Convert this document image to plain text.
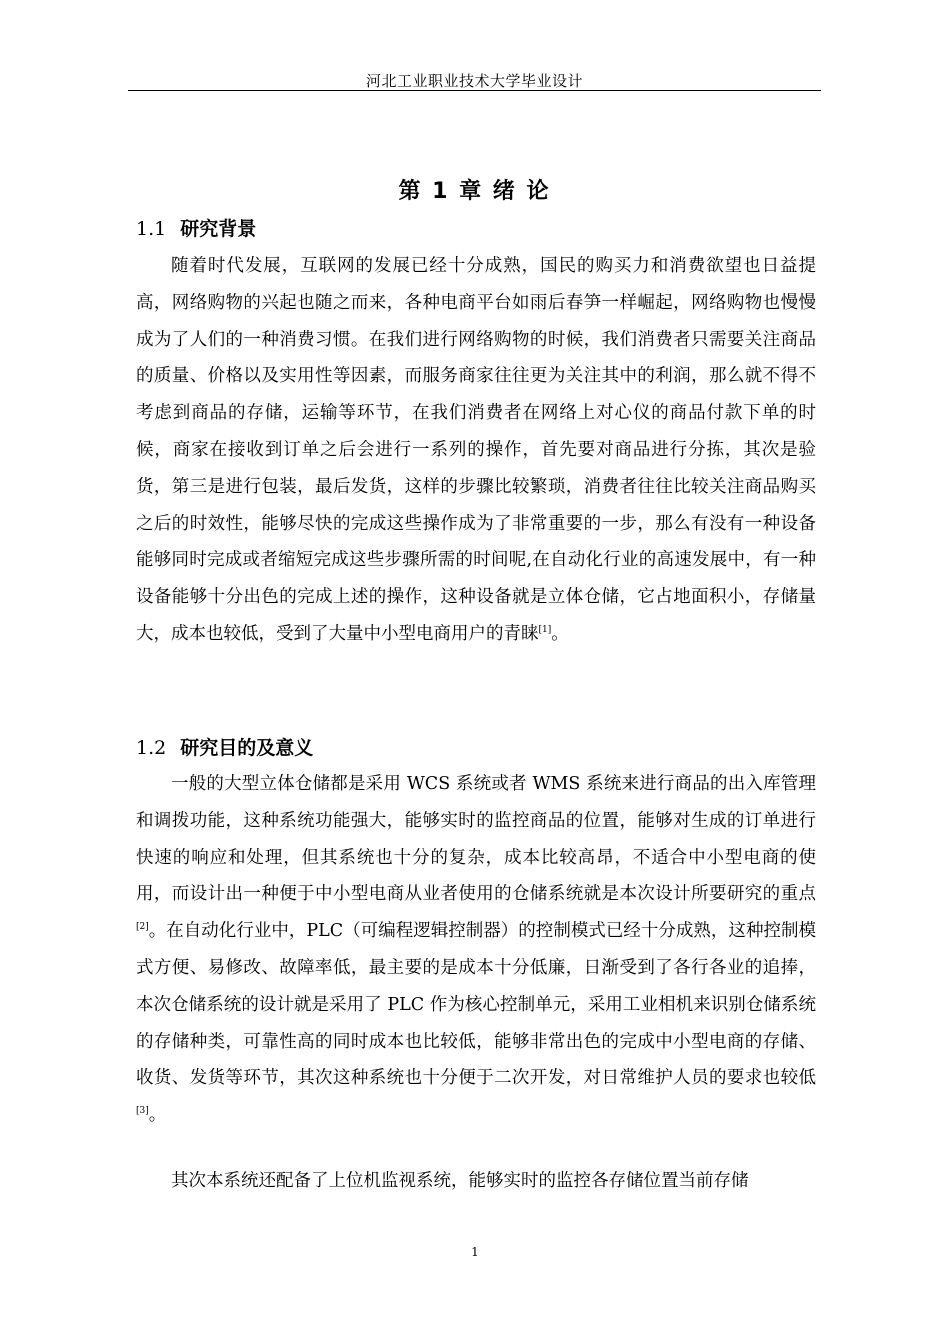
河北工业职业技术大学毕业设计
第 1 章 绪 论
1.1 研究背景

随着时代发展，互联网的发展已经十分成熟，国民的购买力和消费欲望也日益提高，网络购物的兴起也随之而来，各种电商平台如雨后春笋一样崛起，网络购物也慢慢成为了人们的一种消费习惯。在我们进行网络购物的时候，我们消费者只需要关注商品的质量、价格以及实用性等因素，而服务商家往往更为关注其中的利润，那么就不得不考虑到商品的存储，运输等环节，在我们消费者在网络上对心仪的商品付款下单的时候，商家在接收到订单之后会进行一系列的操作，首先要对商品进行分拣，其次是验货，第三是进行包装，最后发货，这样的步骤比较繁琐，消费者往往比较关注商品购买之后的时效性，能够尽快的完成这些操作成为了非常重要的一步，那么有没有一种设备能够同时完成或者缩短完成这些步骤所需的时间呢,在自动化行业的高速发展中，有一种设备能够十分出色的完成上述的操作，这种设备就是立体仓储，它占地面积小，存储量大，成本也较低，受到了大量中小型电商用户的青睐[1]。

1.2 研究目的及意义

一般的大型立体仓储都是采用 WCS 系统或者 WMS 系统来进行商品的出入库管理和调拨功能，这种系统功能强大，能够实时的监控商品的位置，能够对生成的订单进行快速的响应和处理，但其系统也十分的复杂，成本比较高昂，不适合中小型电商的使用，而设计出一种便于中小型电商从业者使用的仓储系统就是本次设计所要研究的重点[2]。在自动化行业中，PLC（可编程逻辑控制器）的控制模式已经十分成熟，这种控制模式方便、易修改、故障率低，最主要的是成本十分低廉，日渐受到了各行各业的追捧，本次仓储系统的设计就是采用了 PLC 作为核心控制单元，采用工业相机来识别仓储系统的存储种类，可靠性高的同时成本也比较低，能够非常出色的完成中小型电商的存储、收货、发货等环节，其次这种系统也十分便于二次开发，对日常维护人员的要求也较低[3]。

其次本系统还配备了上位机监视系统，能够实时的监控各存储位置当前存储

1
